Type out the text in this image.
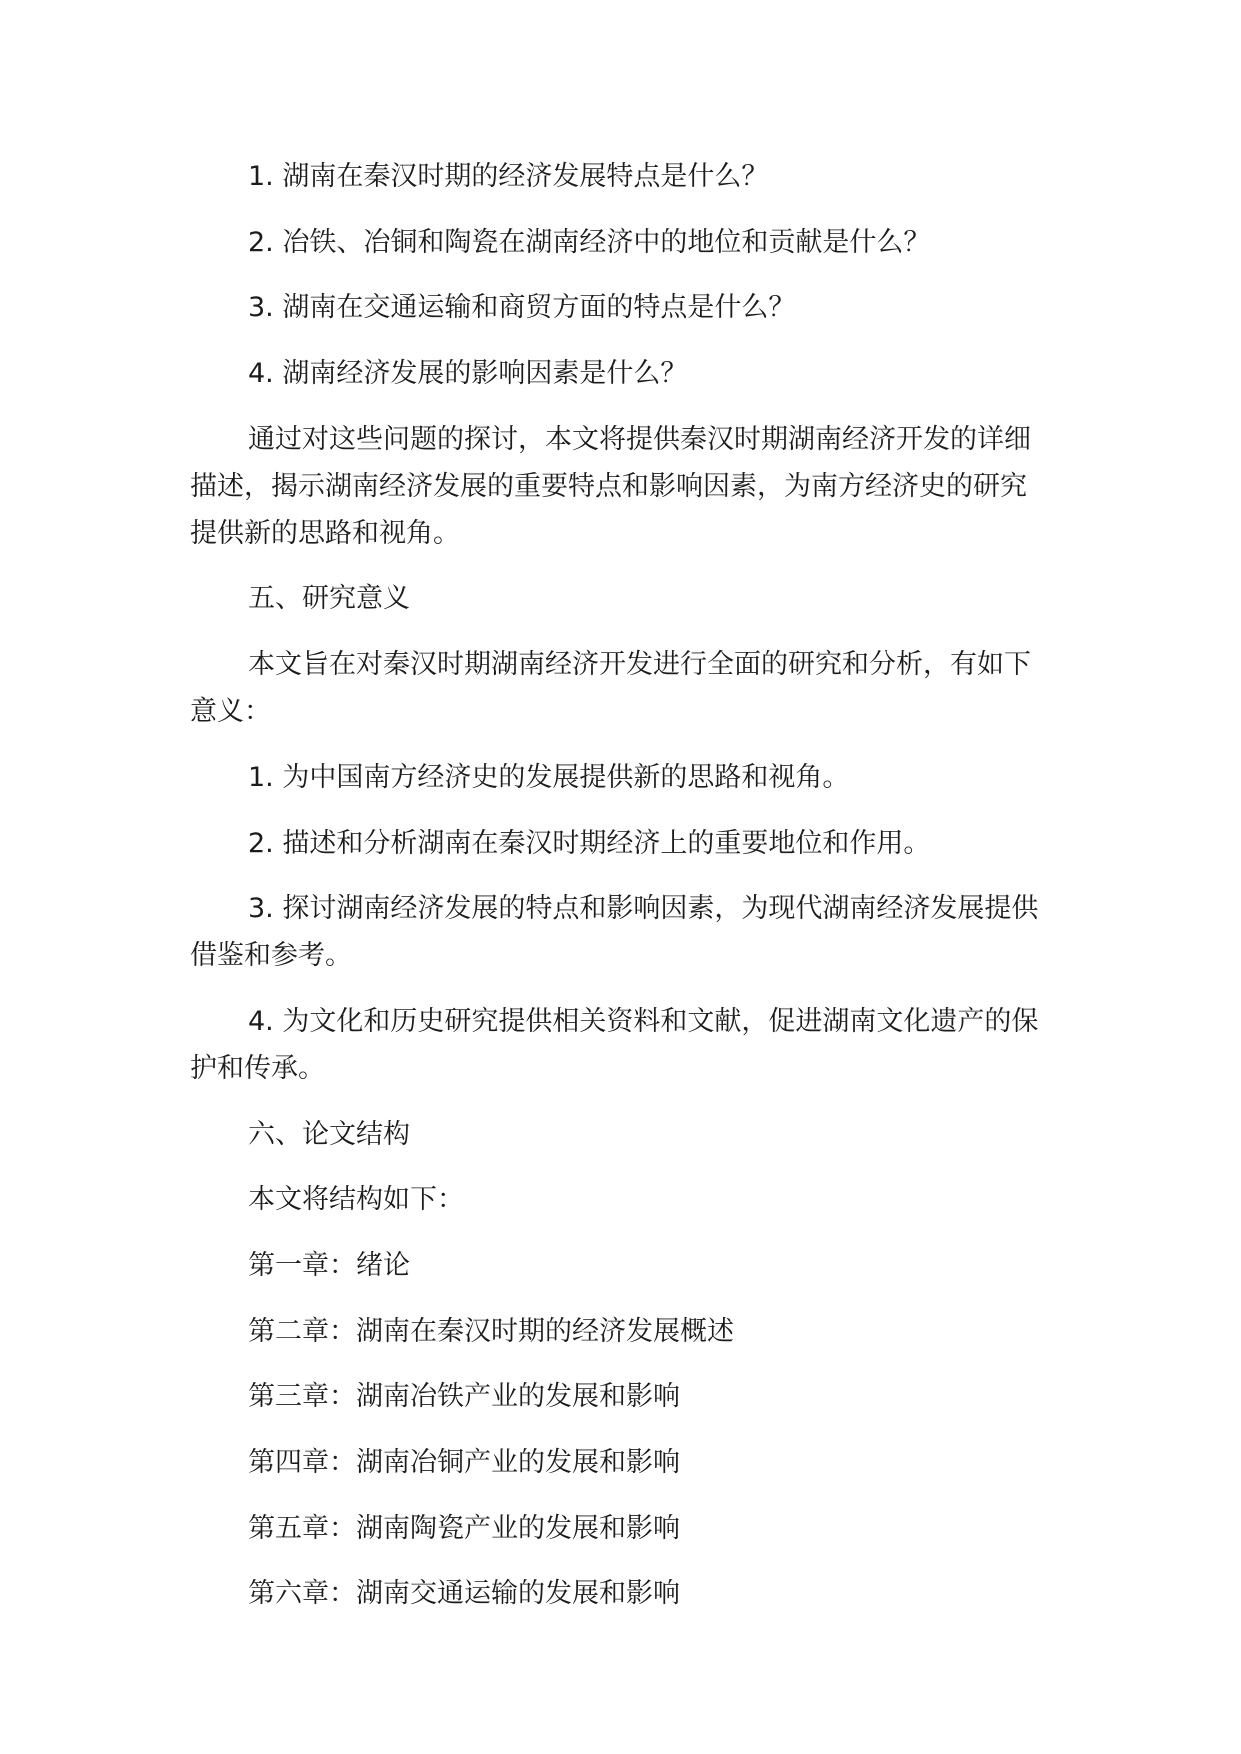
1. 湖南在秦汉时期的经济发展特点是什么？
2. 冶铁、冶铜和陶瓷在湖南经济中的地位和贡献是什么？
3. 湖南在交通运输和商贸方面的特点是什么？
4. 湖南经济发展的影响因素是什么？
通过对这些问题的探讨，本文将提供秦汉时期湖南经济开发的详细
描述，揭示湖南经济发展的重要特点和影响因素，为南方经济史的研究
提供新的思路和视角。
五、研究意义
本文旨在对秦汉时期湖南经济开发进行全面的研究和分析，有如下
意义：
1. 为中国南方经济史的发展提供新的思路和视角。
2. 描述和分析湖南在秦汉时期经济上的重要地位和作用。
3. 探讨湖南经济发展的特点和影响因素，为现代湖南经济发展提供
借鉴和参考。
4. 为文化和历史研究提供相关资料和文献，促进湖南文化遗产的保
护和传承。
六、论文结构
本文将结构如下：
第一章：绪论
第二章：湖南在秦汉时期的经济发展概述
第三章：湖南冶铁产业的发展和影响
第四章：湖南冶铜产业的发展和影响
第五章：湖南陶瓷产业的发展和影响
第六章：湖南交通运输的发展和影响
